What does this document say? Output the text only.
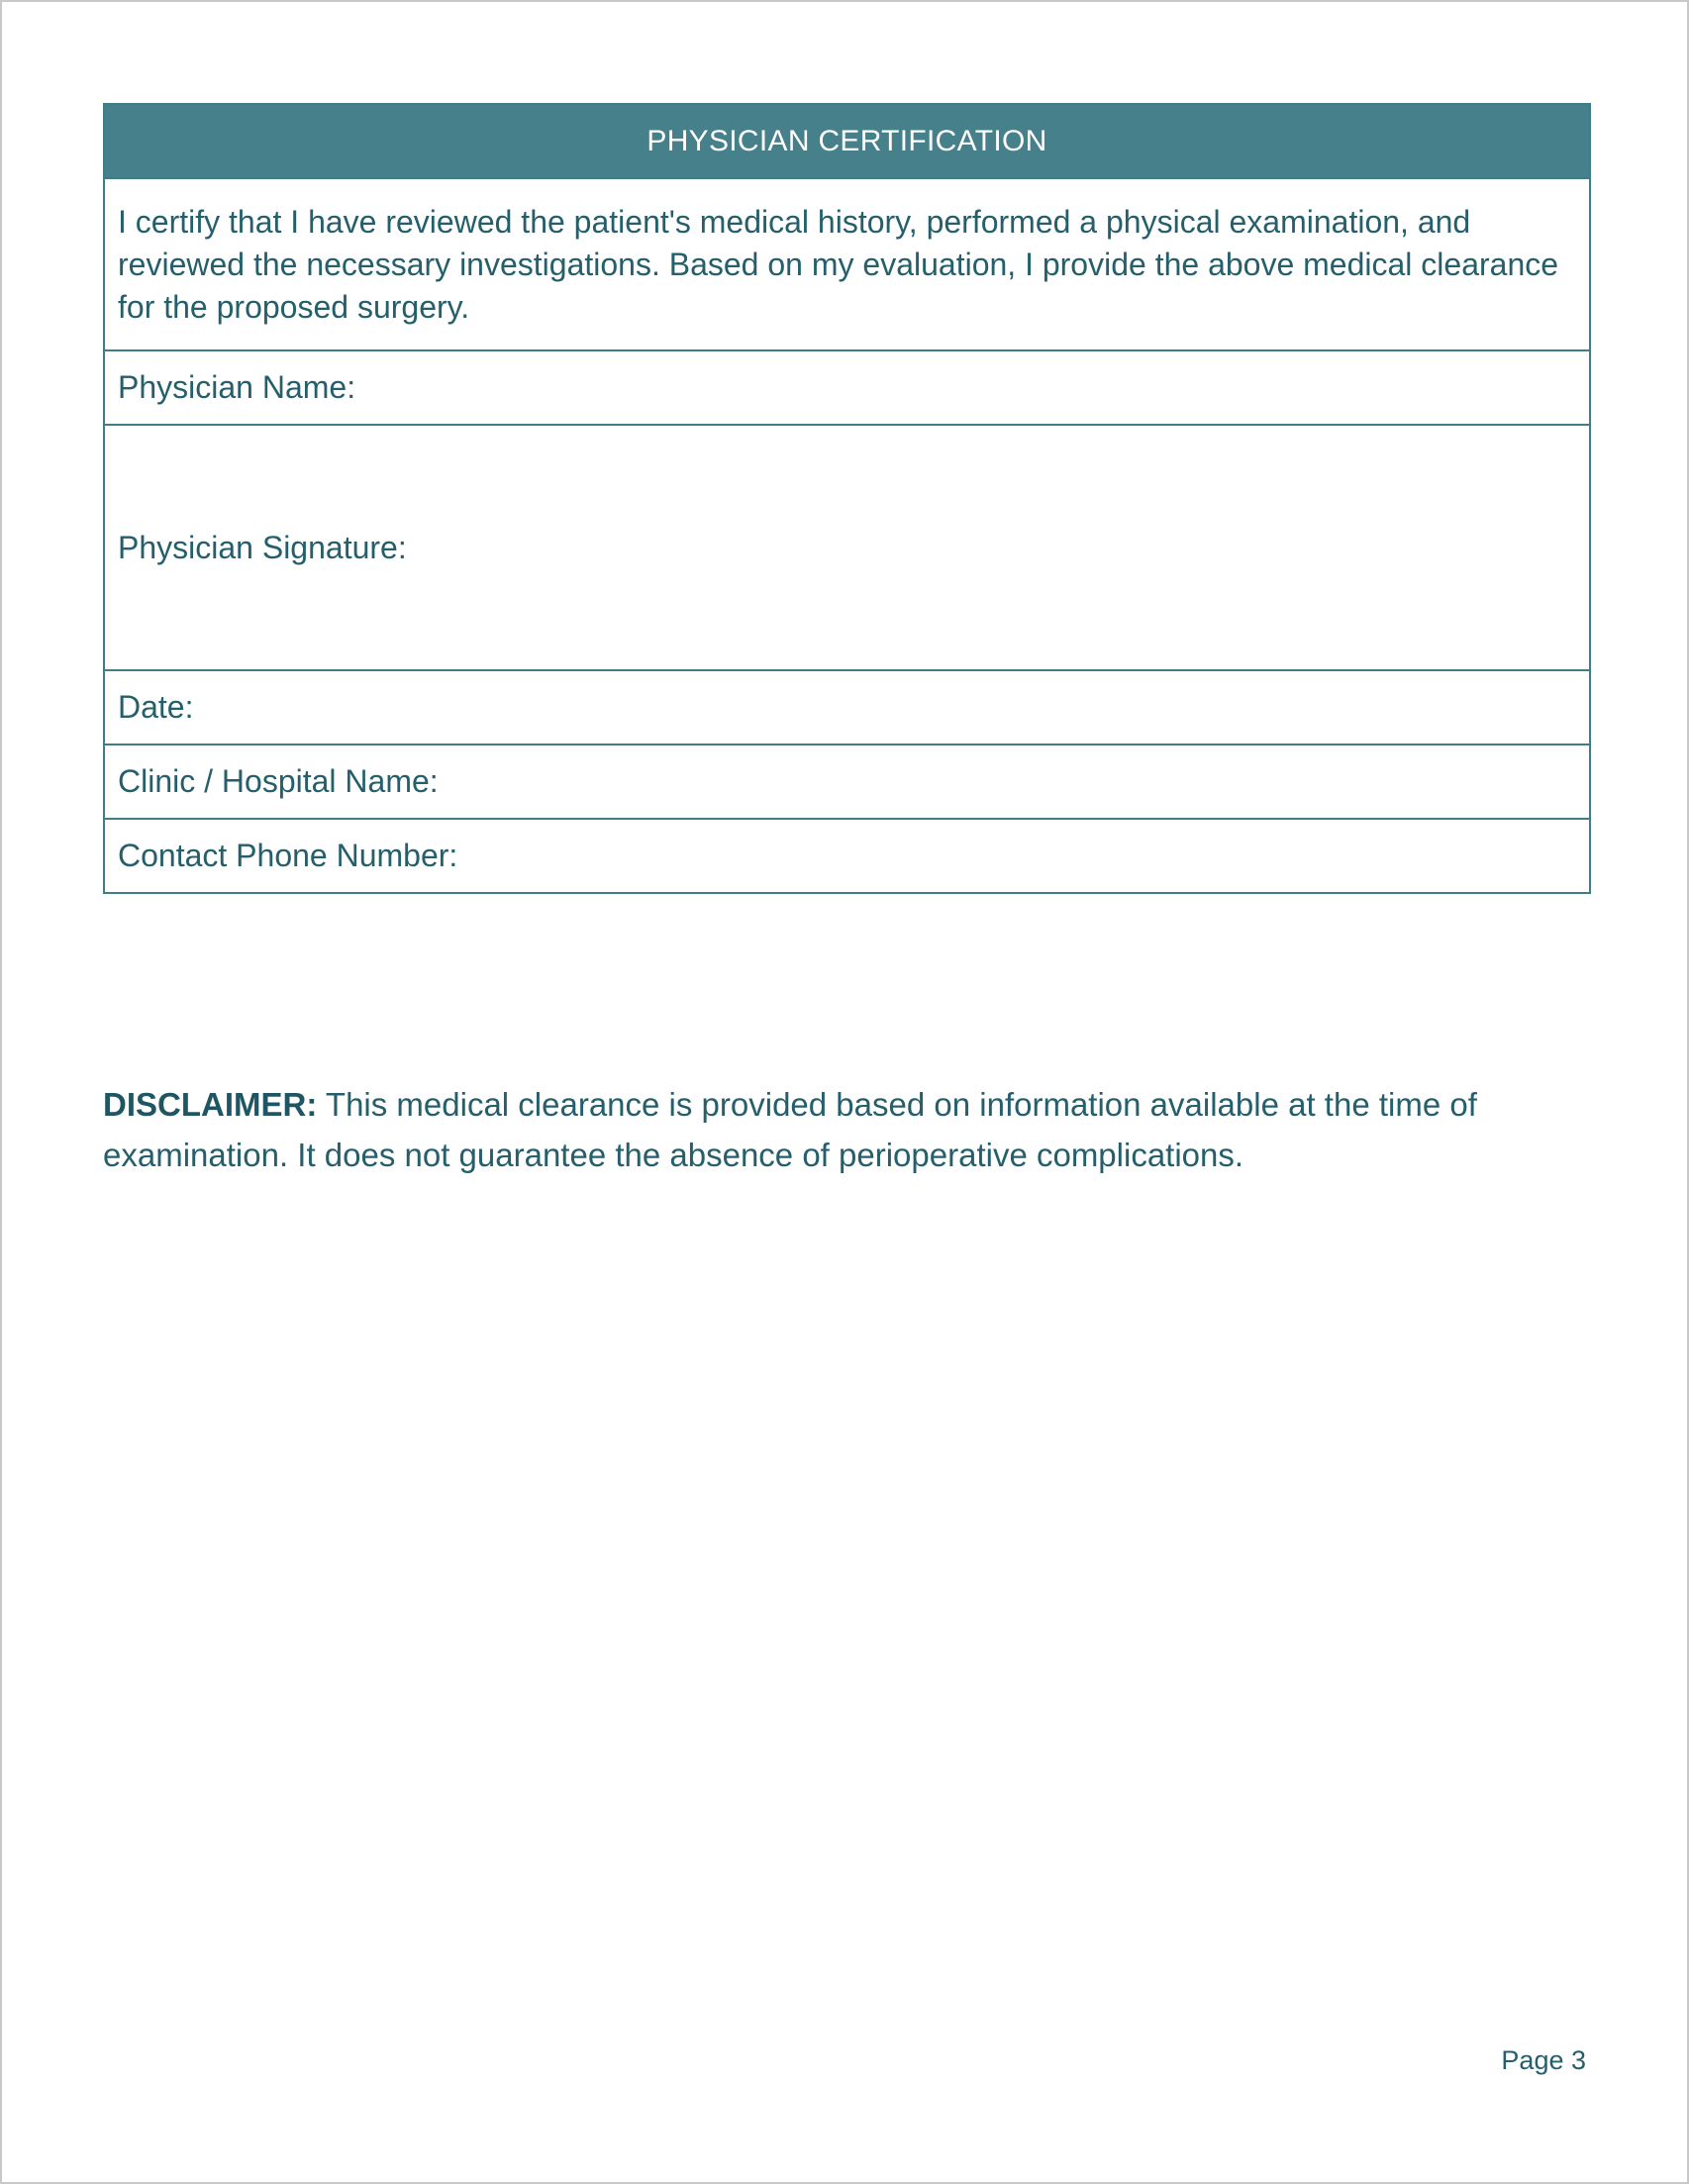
PHYSICIAN CERTIFICATION
I certify that I have reviewed the patient's medical history, performed a physical examination, and reviewed the necessary investigations. Based on my evaluation, I provide the above medical clearance for the proposed surgery.
Physician Name:
Physician Signature:
Date:
Clinic / Hospital Name:
Contact Phone Number:
DISCLAIMER: This medical clearance is provided based on information available at the time of examination. It does not guarantee the absence of perioperative complications.
Page 3
